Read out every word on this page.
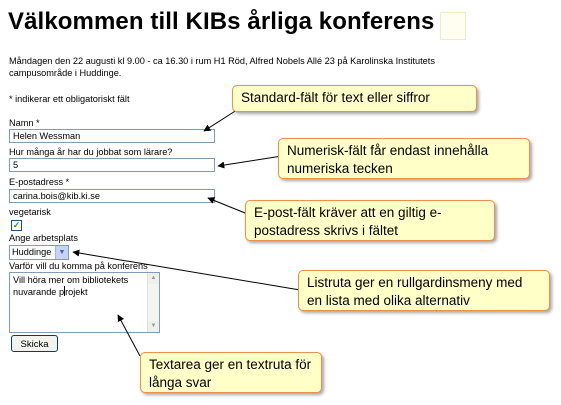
Välkommen till KIBs årliga konferens
Måndagen den 22 augusti kl 9.00 - ca 16.30 i rum H1 Röd, Alfred Nobels Allé 23 på Karolinska Institutets campusområde i Huddinge.
* indikerar ett obligatoriskt fält
Namn *
Helen Wessman
Hur många år har du jobbat som lärare?
5
E-postadress *
carina.bois@kib.ki.se
vegetarisk
✓
Ange arbetsplats
Huddinge	▼
Varför vill du komma på konferens
Vill höra mer om bibliotekets
nuvarande projekt

▲

▼

Skicka
Standard-fält för text eller siffror
Numerisk-fält får endast innehålla numeriska tecken
E-post-fält kräver att en giltig e-postadress skrivs i fältet
Listruta ger en rullgardinsmeny med en lista med olika alternativ
Textarea ger en textruta för långa svar
